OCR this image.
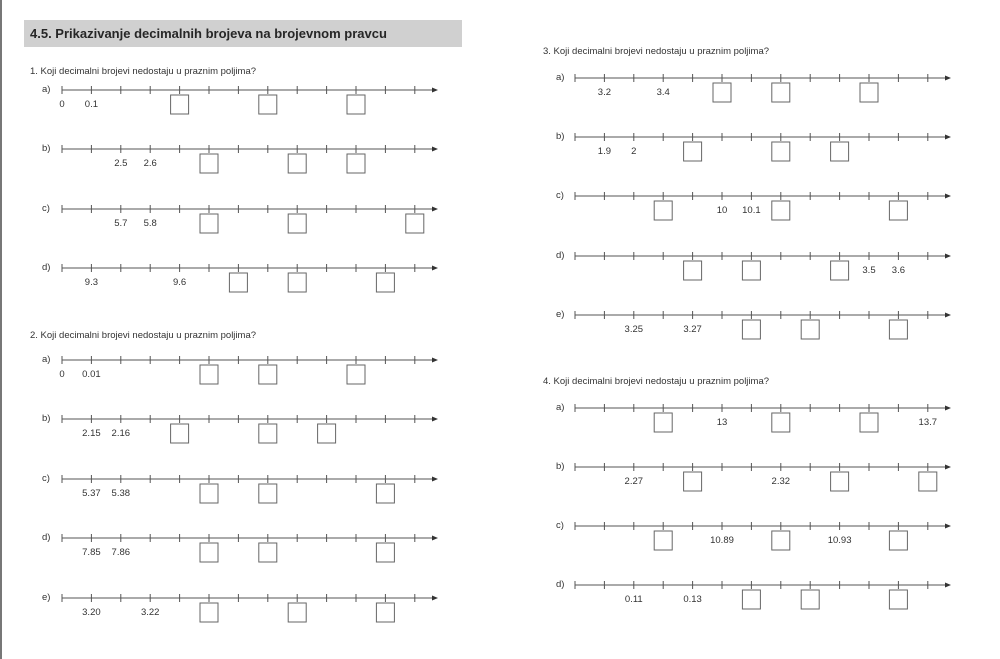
4.5. Prikazivanje decimalnih brojeva na brojevnom pravcu
1. Koji decimalni brojevi nedostaju u praznim poljima?
2. Koji decimalni brojevi nedostaju u praznim poljima?
3. Koji decimalni brojevi nedostaju u praznim poljima?
4. Koji decimalni brojevi nedostaju u praznim poljima?
a)
0 0.1
b)
2.5 2.6
c)
5.7 5.8
d)
9.3	9.6
a)
0 0.01
b)
2.15 2.16
c)
5.37 5.38
d)
7.85 7.86
e)
3.20	3.22
a)
3.2	3.4
b)
1.9 2
c)
10 10.1
d)
3.5 3.6
e)
3.25	3.27
a)
13	13.7
b)
2.27	2.32
c)
10.89	10.93
d)
0.11	0.13
